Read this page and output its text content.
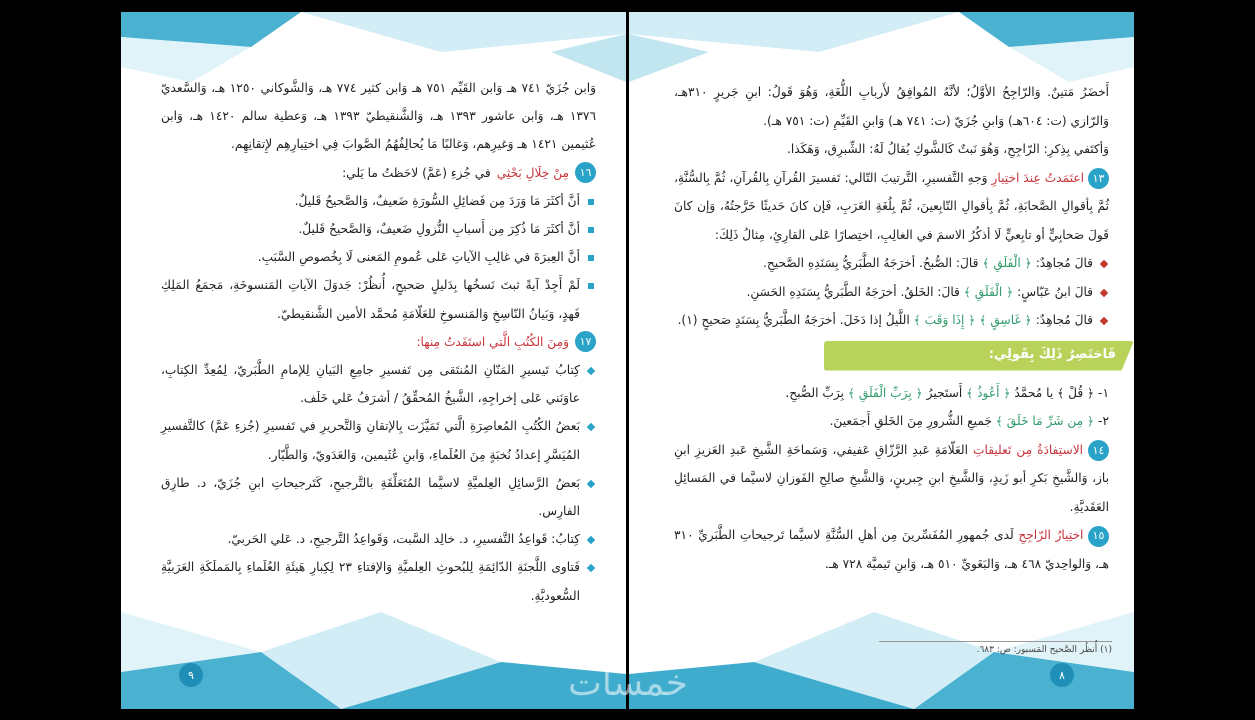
وَابن جُزَيّ ٧٤١ هـ وَابن القَيِّم ٧٥١ هـ وَابن كثير ٧٧٤ هـ، وَالشَّوكاني ١٢٥٠ هـ، وَالسَّعديّ ١٣٧٦ هـ، وَابن عاشور ١٣٩٣ هـ، وَالشَّنقيطيّ ١٣٩٣ هـ، وَعطية سالم ١٤٢٠ هـ، وَابن عُثيمين ١٤٢١ هـ وَغيرِهم، وَغالبًا مَا يُحالِفُهُمُ الصَّوابَ فِي اختِيارِهِم لإِتقانِهِم.

١٦
مِنْ خِلَالِ بَحْثِي
في جُزءِ (عَمَّ) لاحَظتُ ما يَلي:

أنَّ أكثَرَ مَا وَرَدَ مِن فَضائِلِ السُّورَةِ ضَعيفٌ، وَالصَّحيحُ قَليلٌ.

أنَّ أكثَرَ مَا ذُكِرَ مِن أَسبابِ النُّزولِ ضَعيفٌ، وَالصَّحيحُ قَليلٌ.

أنَّ العِبرَةَ في غالِبِ الآياتِ عَلى عُمومِ المَعنى لَا بِخُصوصِ السَّبَبِ.

لَمْ أَجِدْ آيةً ثبتَ نَسخُها بِدَليلٍ صَحيحٍ، أُنظُرْ: جَدوَلَ الآياتِ المَنسوخَةِ، مَجمَعُ المَلِكِ فَهدٍ، وَبَيانُ النّاسِخِ وَالمَنسوخِ للعَلّامَةِ مُحمَّد الأمين الشَّنقيطيّ.

١٧
وَمِنَ الكُتُبِ الَّتي استَفَدتُ مِنها:

كِتابُ تَيسيرِ المَنّانِ المُنتَقى مِن تَفسيرِ جامِعِ البَيانِ لِلإمامِ الطَّبَريّ، لِمُعِدِّ الكِتابِ، عاوَنَني عَلى إخراجِهِ، الشَّيخُ المُحقِّقُ / أشرَفُ عَلي خَلَف.

بَعضُ الكُتُبِ المُعاصِرَةِ الَّتي تَمَيَّزَت بِالإتقانِ وَالتَّحريرِ في تَفسيرِ (جُزءِ عَمَّ) كالتَّفسيرِ المُيَسَّرِ إعدادُ نُخبَةٍ مِنَ العُلَماءِ، وَابنِ عُثَيمين، وَالعَدَويّ، وَالطَّيّار.

بَعضُ الرَّسائِلِ العِلميَّةِ لاسيَّما المُتَعَلِّقَةِ بالتَّرجيحِ، كَتَرجيحاتِ ابنِ جُزَيّ، د. طارِق الفارِس.

كِتابُ: قَواعِدُ التَّفسيرِ، د. خالِد السَّبت، وَقَواعِدُ التَّرجيحِ، د. عَلي الحَربيّ.

فَتاوى اللَّجنَةِ الدّائِمَةِ لِلبُحوثِ العِلميَّةِ وَالإفتاءِ ٢٣ لِكِبارِ هَيئَةِ العُلَماءِ بِالمَملَكَةِ العَرَبيَّةِ السُّعوديَّةِ.

٩

أَخضَرُ مَتينٌ. وَالرّاجِحُ الأوَّلُ؛ لأنَّهُ المُوافِقُ لأَربابِ اللُّغَةِ، وَهُوَ قَولُ: ابنِ جَريرٍ ٣١٠هـ، وَالرّازي (ت: ٦٠٤هـ) وَابنِ جُزَيّ (ت: ٧٤١ هـ) وَابنِ القَيِّمِ (ت: ٧٥١ هـ).

وَأكتَفي بِذِكرِ: الرّاجِحِ، وَهُوَ نَبتٌ كَالشَّوكِ يُقالُ لَهُ: الشِّبرِق، وَهَكَذا.

١٣ اعتَمَدتُ عِندَ اختِيارِ وَجهِ التَّفسيرِ، التَّرتيبَ التّالي: تَفسيرَ القُرآنِ بِالقُرآنِ، ثُمَّ بِالسُّنَّةِ، ثُمَّ بِأقوالِ الصَّحابَةِ، ثُمَّ بِأقوالِ التّابِعينَ، ثُمَّ بِلُغَةِ العَرَبِ، فَإن كانَ حَديثًا خَرَّجتُهُ، وَإن كانَ قَولَ صَحابِيٍّ أو تابِعيٍّ لَا أذكُرُ الاسمَ في الغالِبِ، اختِصارًا عَلى القارِئِ، مِثالُ ذَلِكَ:

قالَ مُجاهِدٌ: ﴿ الْفَلَقِ ﴾ قالَ: الصُّبحُ. أخرَجَهُ الطَّبَريُّ بِسَنَدِهِ الصَّحيحِ.

قالَ ابنُ عَبّاسٍ: ﴿ الْفَلَقِ ﴾ قالَ: الخَلقُ. أخرَجَهُ الطَّبَريُّ بِسَنَدِهِ الحَسَنِ.

قالَ مُجاهِدٌ: ﴿ غَاسِقٍ ﴾ ﴿ إِذَا وَقَبَ ﴾ اللَّيلُ إذا دَخَلَ. أخرَجَهُ الطَّبَريُّ بِسَنَدٍ صَحيحٍ (١).

فَاختَصِرُ ذَلِكَ بِقَولِي:

١- ﴿ قُلْ ﴾ يا مُحمَّدُ ﴿ أَعُوذُ ﴾ أَستَجيرُ ﴿ بِرَبِّ الْفَلَقِ ﴾ بِرَبِّ الصُّبحِ.

٢- ﴿ مِن شَرِّ مَا خَلَقَ ﴾ جَميعِ الشُّرورِ مِنَ الخَلقِ أَجمَعينَ.

١٤ الاستِفادَةُ مِن تَعليقاتِ العَلّامَةِ عَبدِ الرَّزّاقِ عَفيفي، وَسَماحَةِ الشَّيخِ عَبدِ العَزيزِ ابنِ باز، وَالشَّيخِ بَكرِ أبو زَيدٍ، وَالشَّيخِ ابنِ جِبرينٍ، وَالشَّيخِ صالِحِ الفَوزانِ لاسيَّما في المَسائِلِ العَقَديَّةِ.

١٥ اختِيارُ الرّاجِحِ لَدى جُمهورِ المُفَسِّرينَ مِن أهلِ السُّنَّةِ لاسيَّما تَرجيحاتِ الطَّبَريِّ ٣١٠ هـ، وَالواحِديّ ٤٦٨ هـ، وَالبَغَويِّ ٥١٠ هـ، وَابنِ تَيميَّة ٧٢٨ هـ.

(١) أُنظُر الصَّحيح المَسبور: ص: ٦٨٣.
٨
خمسات
